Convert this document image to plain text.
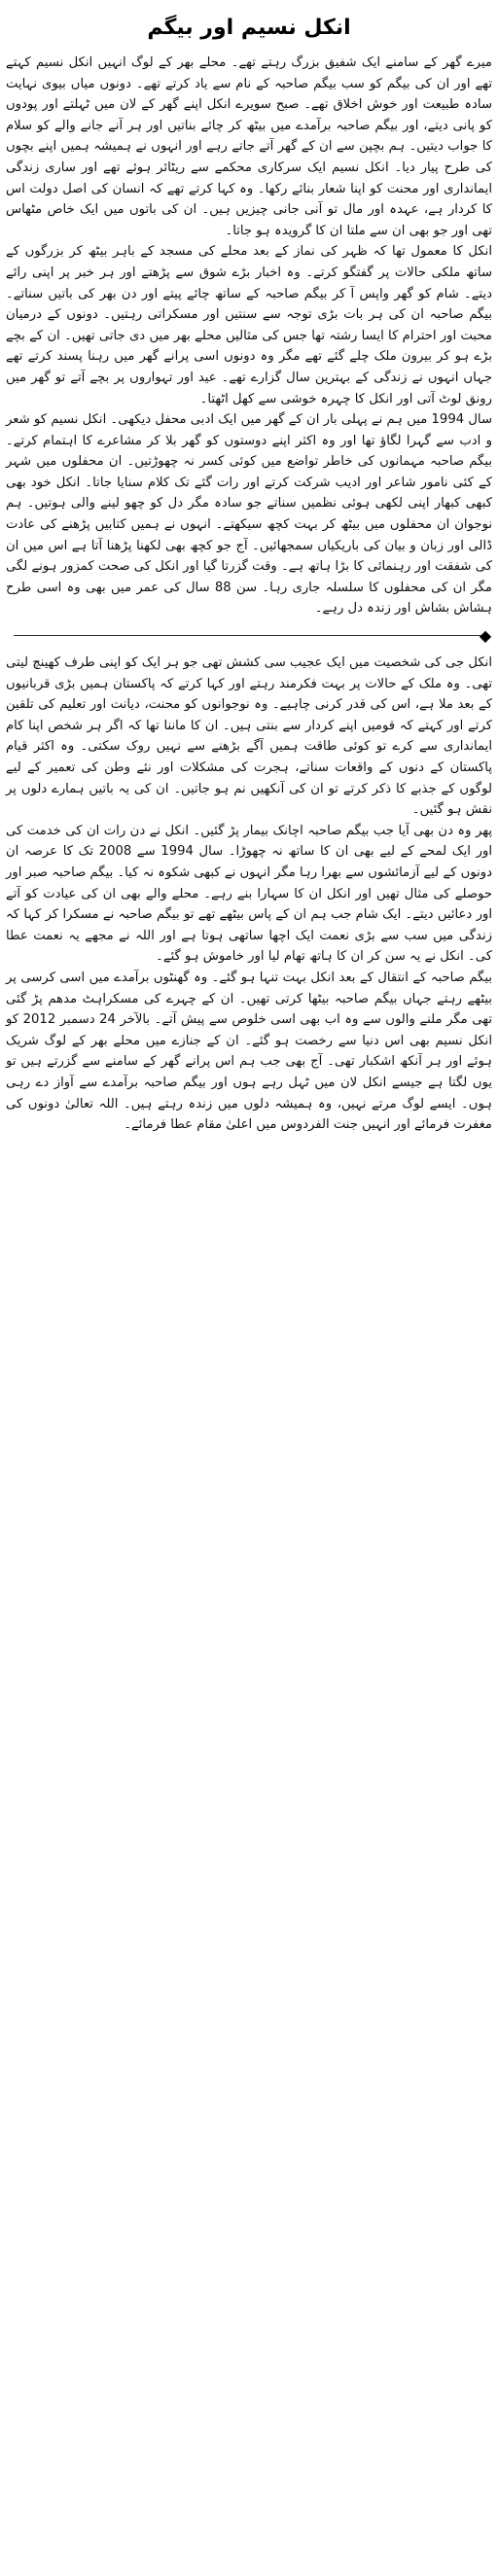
انکل نسیم اور بیگم

میرے گھر کے سامنے ایک شفیق بزرگ رہتے تھے۔ محلے بھر کے لوگ انہیں انکل نسیم کہتے تھے اور ان کی بیگم کو سب بیگم صاحبہ کے نام سے یاد کرتے تھے۔ دونوں میاں بیوی نہایت سادہ طبیعت اور خوش اخلاق تھے۔ صبح سویرے انکل اپنے گھر کے لان میں ٹہلتے اور پودوں کو پانی دیتے، اور بیگم صاحبہ برآمدے میں بیٹھ کر چائے بناتیں اور ہر آنے جانے والے کو سلام کا جواب دیتیں۔ ہم بچپن سے ان کے گھر آتے جاتے رہے اور انہوں نے ہمیشہ ہمیں اپنے بچوں کی طرح پیار دیا۔ انکل نسیم ایک سرکاری محکمے سے ریٹائر ہوئے تھے اور ساری زندگی ایمانداری اور محنت کو اپنا شعار بنائے رکھا۔ وہ کہا کرتے تھے کہ انسان کی اصل دولت اس کا کردار ہے، عہدہ اور مال تو آنی جانی چیزیں ہیں۔ ان کی باتوں میں ایک خاص مٹھاس تھی اور جو بھی ان سے ملتا ان کا گرویدہ ہو جاتا۔

انکل کا معمول تھا کہ ظہر کی نماز کے بعد محلے کی مسجد کے باہر بیٹھ کر بزرگوں کے ساتھ ملکی حالات پر گفتگو کرتے۔ وہ اخبار بڑے شوق سے پڑھتے اور ہر خبر پر اپنی رائے دیتے۔ شام کو گھر واپس آ کر بیگم صاحبہ کے ساتھ چائے پیتے اور دن بھر کی باتیں سناتے۔ بیگم صاحبہ ان کی ہر بات بڑی توجہ سے سنتیں اور مسکراتی رہتیں۔ دونوں کے درمیان محبت اور احترام کا ایسا رشتہ تھا جس کی مثالیں محلے بھر میں دی جاتی تھیں۔ ان کے بچے بڑے ہو کر بیرون ملک چلے گئے تھے مگر وہ دونوں اسی پرانے گھر میں رہنا پسند کرتے تھے جہاں انہوں نے زندگی کے بہترین سال گزارے تھے۔ عید اور تہواروں پر بچے آتے تو گھر میں رونق لوٹ آتی اور انکل کا چہرہ خوشی سے کھل اٹھتا۔

سال 1994 میں ہم نے پہلی بار ان کے گھر میں ایک ادبی محفل دیکھی۔ انکل نسیم کو شعر و ادب سے گہرا لگاؤ تھا اور وہ اکثر اپنے دوستوں کو گھر بلا کر مشاعرے کا اہتمام کرتے۔ بیگم صاحبہ مہمانوں کی خاطر تواضع میں کوئی کسر نہ چھوڑتیں۔ ان محفلوں میں شہر کے کئی نامور شاعر اور ادیب شرکت کرتے اور رات گئے تک کلام سنایا جاتا۔ انکل خود بھی کبھی کبھار اپنی لکھی ہوئی نظمیں سناتے جو سادہ مگر دل کو چھو لینے والی ہوتیں۔ ہم نوجوان ان محفلوں میں بیٹھ کر بہت کچھ سیکھتے۔ انہوں نے ہمیں کتابیں پڑھنے کی عادت ڈالی اور زبان و بیان کی باریکیاں سمجھائیں۔ آج جو کچھ بھی لکھنا پڑھنا آتا ہے اس میں ان کی شفقت اور رہنمائی کا بڑا ہاتھ ہے۔ وقت گزرتا گیا اور انکل کی صحت کمزور ہونے لگی مگر ان کی محفلوں کا سلسلہ جاری رہا۔ سن 88 سال کی عمر میں بھی وہ اسی طرح ہشاش بشاش اور زندہ دل رہے۔

◆

انکل جی کی شخصیت میں ایک عجیب سی کشش تھی جو ہر ایک کو اپنی طرف کھینچ لیتی تھی۔ وہ ملک کے حالات پر بہت فکرمند رہتے اور کہا کرتے کہ پاکستان ہمیں بڑی قربانیوں کے بعد ملا ہے، اس کی قدر کرنی چاہیے۔ وہ نوجوانوں کو محنت، دیانت اور تعلیم کی تلقین کرتے اور کہتے کہ قومیں اپنے کردار سے بنتی ہیں۔ ان کا ماننا تھا کہ اگر ہر شخص اپنا کام ایمانداری سے کرے تو کوئی طاقت ہمیں آگے بڑھنے سے نہیں روک سکتی۔ وہ اکثر قیام پاکستان کے دنوں کے واقعات سناتے، ہجرت کی مشکلات اور نئے وطن کی تعمیر کے لیے لوگوں کے جذبے کا ذکر کرتے تو ان کی آنکھیں نم ہو جاتیں۔ ان کی یہ باتیں ہمارے دلوں پر نقش ہو گئیں۔

پھر وہ دن بھی آیا جب بیگم صاحبہ اچانک بیمار پڑ گئیں۔ انکل نے دن رات ان کی خدمت کی اور ایک لمحے کے لیے بھی ان کا ساتھ نہ چھوڑا۔ سال 1994 سے 2008 تک کا عرصہ ان دونوں کے لیے آزمائشوں سے بھرا رہا مگر انہوں نے کبھی شکوہ نہ کیا۔ بیگم صاحبہ صبر اور حوصلے کی مثال تھیں اور انکل ان کا سہارا بنے رہے۔ محلے والے بھی ان کی عیادت کو آتے اور دعائیں دیتے۔ ایک شام جب ہم ان کے پاس بیٹھے تھے تو بیگم صاحبہ نے مسکرا کر کہا کہ زندگی میں سب سے بڑی نعمت ایک اچھا ساتھی ہوتا ہے اور اللہ نے مجھے یہ نعمت عطا کی۔ انکل نے یہ سن کر ان کا ہاتھ تھام لیا اور خاموش ہو گئے۔

بیگم صاحبہ کے انتقال کے بعد انکل بہت تنہا ہو گئے۔ وہ گھنٹوں برآمدے میں اسی کرسی پر بیٹھے رہتے جہاں بیگم صاحبہ بیٹھا کرتی تھیں۔ ان کے چہرے کی مسکراہٹ مدھم پڑ گئی تھی مگر ملنے والوں سے وہ اب بھی اسی خلوص سے پیش آتے۔ بالآخر 24 دسمبر 2012 کو انکل نسیم بھی اس دنیا سے رخصت ہو گئے۔ ان کے جنازے میں محلے بھر کے لوگ شریک ہوئے اور ہر آنکھ اشکبار تھی۔ آج بھی جب ہم اس پرانے گھر کے سامنے سے گزرتے ہیں تو یوں لگتا ہے جیسے انکل لان میں ٹہل رہے ہوں اور بیگم صاحبہ برآمدے سے آواز دے رہی ہوں۔ ایسے لوگ مرتے نہیں، وہ ہمیشہ دلوں میں زندہ رہتے ہیں۔ اللہ تعالیٰ دونوں کی مغفرت فرمائے اور انہیں جنت الفردوس میں اعلیٰ مقام عطا فرمائے۔
